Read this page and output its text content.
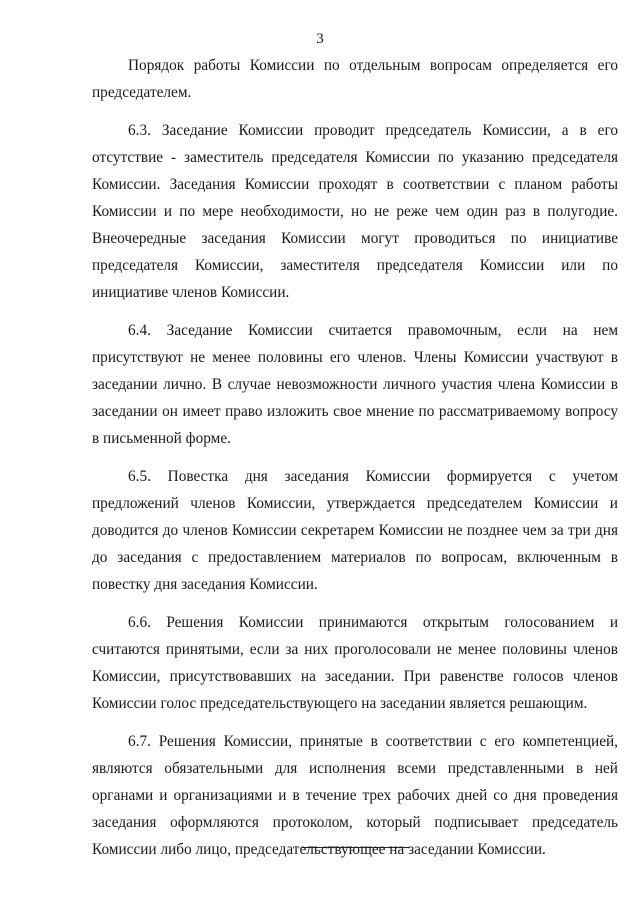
3

Порядок работы Комиссии по отдельным вопросам определяется его председателем.

6.3. Заседание Комиссии проводит председатель Комиссии, а в его отсутствие - заместитель председателя Комиссии по указанию председателя Комиссии. Заседания Комиссии проходят в соответствии с планом работы Комиссии и по мере необходимости, но не реже чем один раз в полугодие. Внеочередные заседания Комиссии могут проводиться по инициативе председателя Комиссии, заместителя председателя Комиссии или по инициативе членов Комиссии.

6.4. Заседание Комиссии считается правомочным, если на нем присутствуют не менее половины его членов. Члены Комиссии участвуют в заседании лично. В случае невозможности личного участия члена Комиссии в заседании он имеет право изложить свое мнение по рассматриваемому вопросу в письменной форме.

6.5. Повестка дня заседания Комиссии формируется с учетом предложений членов Комиссии, утверждается председателем Комиссии и доводится до членов Комиссии секретарем Комиссии не позднее чем за три дня до заседания с предоставлением материалов по вопросам, включенным в повестку дня заседания Комиссии.

6.6. Решения Комиссии принимаются открытым голосованием и считаются принятыми, если за них проголосовали не менее половины членов Комиссии, присутствовавших на заседании. При равенстве голосов членов Комиссии голос председательствующего на заседании является решающим.

6.7. Решения Комиссии, принятые в соответствии с его компетенцией, являются обязательными для исполнения всеми представленными в ней органами и организациями и в течение трех рабочих дней со дня проведения заседания оформляются протоколом, который подписывает председатель Комиссии либо лицо, председательствующее на заседании Комиссии.
